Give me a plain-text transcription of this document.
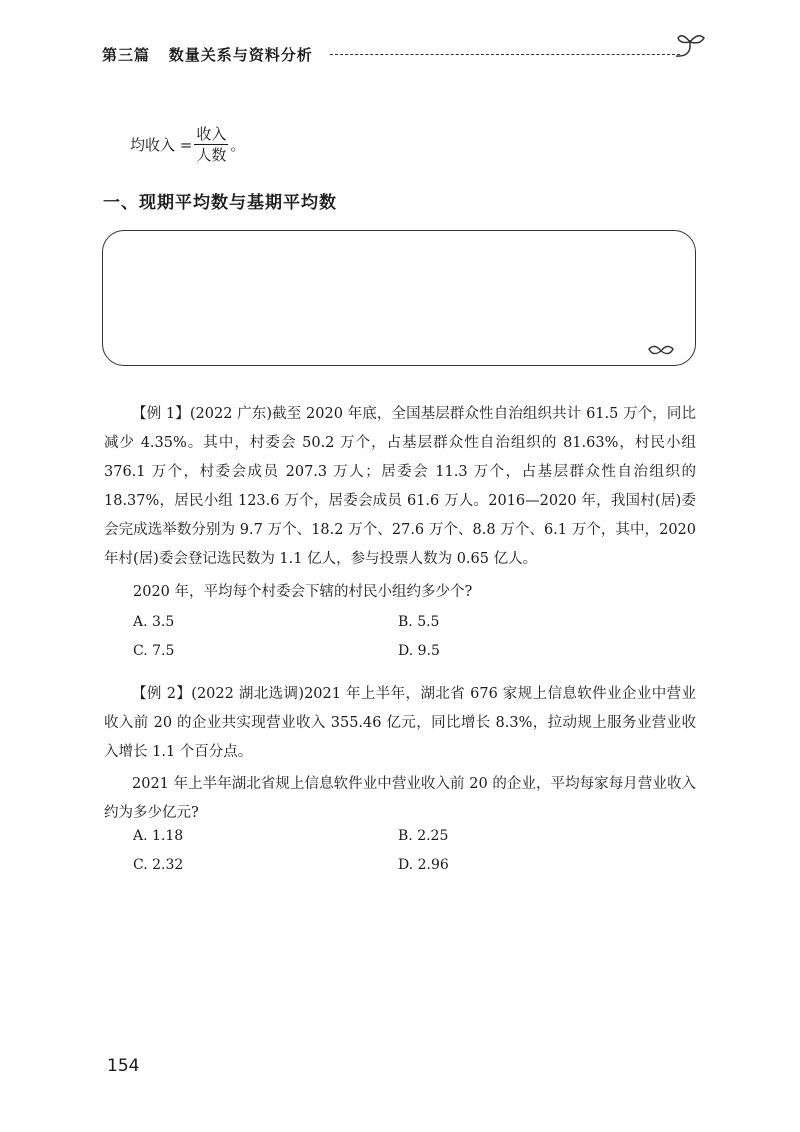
第三篇 数量关系与资料分析
均收入 = $\frac{\text{收入}}{\text{人数}}$ 。
一、现期平均数与基期平均数

【例 1】(2022 广东)截至 2020 年底，全国基层群众性自治组织共计 61.5 万个，同比减少 4.35%。其中，村委会 50.2 万个，占基层群众性自治组织的 81.63%，村民小组 376.1 万个，村委会成员 207.3 万人；居委会 11.3 万个，占基层群众性自治组织的 18.37%，居民小组 123.6 万个，居委会成员 61.6 万人。2016—2020 年，我国村(居)委会完成选举数分别为 9.7 万个、18.2 万个、27.6 万个、8.8 万个、6.1 万个，其中，2020 年村(居)委会登记选民数为 1.1 亿人，参与投票人数为 0.65 亿人。

2020 年，平均每个村委会下辖的村民小组约多少个?

A. 3.5	B. 5.5
C. 7.5	D. 9.5

【例 2】(2022 湖北选调)2021 年上半年，湖北省 676 家规上信息软件业企业中营业收入前 20 的企业共实现营业收入 355.46 亿元，同比增长 8.3%，拉动规上服务业营业收入增长 1.1 个百分点。

2021 年上半年湖北省规上信息软件业中营业收入前 20 的企业，平均每家每月营业收入约为多少亿元?

A. 1.18	B. 2.25
C. 2.32	D. 2.96
154
